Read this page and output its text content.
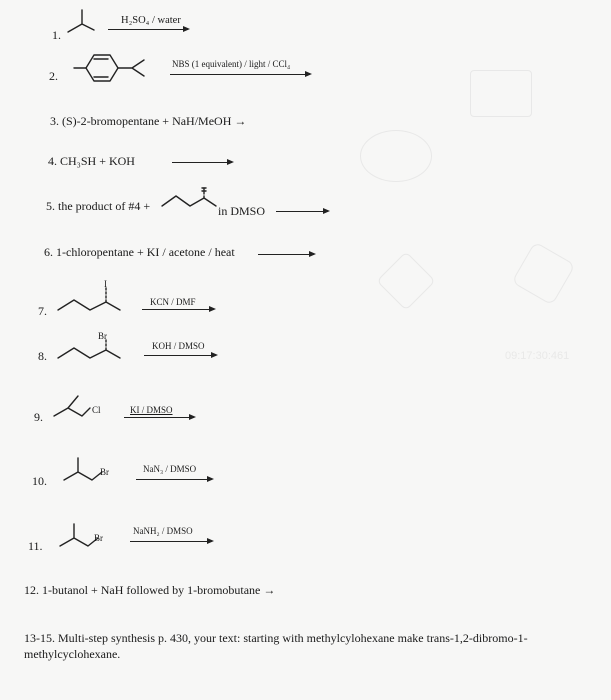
09:17:30:461
1.
H₂SO₄ / water
2.
NBS (1 equivalent) / light / CCl₄
3. (S)-2-bromopentane + NaH/MeOH →
4. CH₃SH + KOH
5. the product of #4 +	in DMSO →
6. 1-chloropentane + KI / acetone / heat →
7.
I
KCN / DMF
8.
Br
KOH / DMSO
9.	Cl	KI / DMSO
10.
Br	NaN₃ / DMSO
11.
Br
NaNH₂ / DMSO
12. 1-butanol + NaH followed by 1-bromobutane →
13-15. Multi-step synthesis p. 430, your text: starting with methylcylohexane make trans-1,2-dibromo-1-
methylcyclohexane.
